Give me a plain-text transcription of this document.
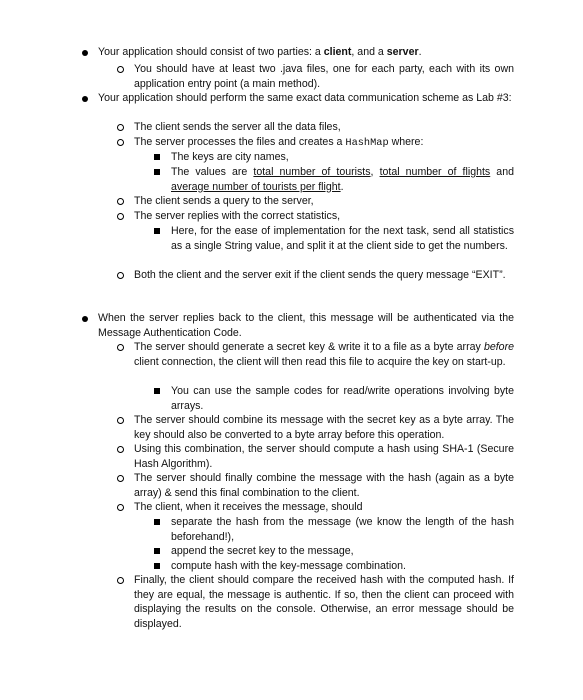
Your application should consist of two parties: a client, and a server.
You should have at least two .java files, one for each party, each with its own application entry point (a main method).
Your application should perform the same exact data communication scheme as Lab #3:
The client sends the server all the data files,
The server processes the files and creates a HashMap where:
The keys are city names,
The values are total number of tourists, total number of flights and average number of tourists per flight.
The client sends a query to the server,
The server replies with the correct statistics,
Here, for the ease of implementation for the next task, send all statistics as a single String value, and split it at the client side to get the numbers.
Both the client and the server exit if the client sends the query message “EXIT”.
When the server replies back to the client, this message will be authenticated via the Message Authentication Code.
The server should generate a secret key & write it to a file as a byte array before client connection, the client will then read this file to acquire the key on start-up.
You can use the sample codes for read/write operations involving byte arrays.
The server should combine its message with the secret key as a byte array. The key should also be converted to a byte array before this operation.
Using this combination, the server should compute a hash using SHA-1 (Secure Hash Algorithm).
The server should finally combine the message with the hash (again as a byte array) & send this final combination to the client.
The client, when it receives the message, should
separate the hash from the message (we know the length of the hash beforehand!),
append the secret key to the message,
compute hash with the key-message combination.
Finally, the client should compare the received hash with the computed hash. If they are equal, the message is authentic. If so, then the client can proceed with displaying the results on the console. Otherwise, an error message should be displayed.
